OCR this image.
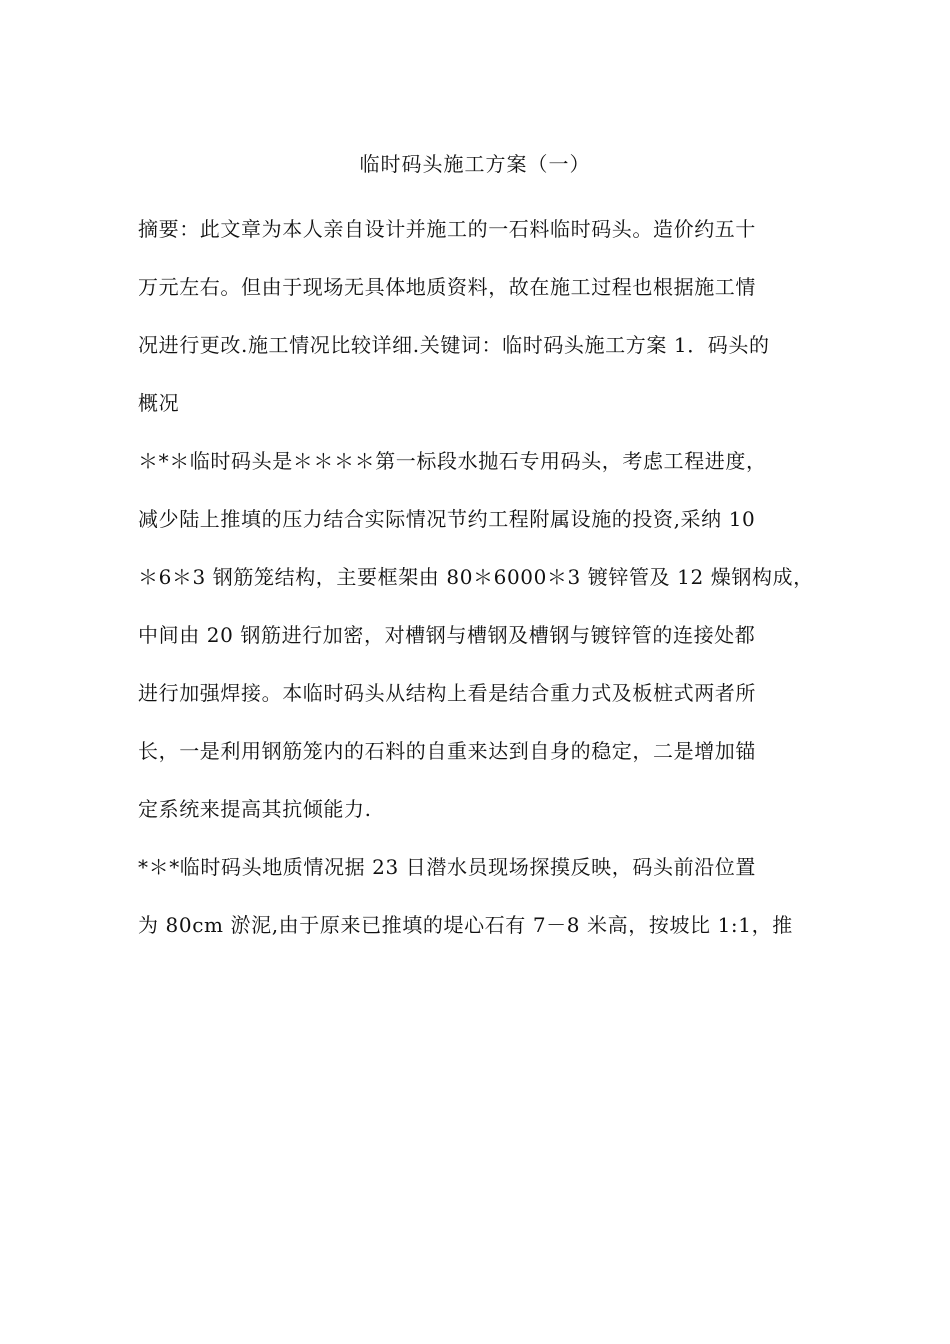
临时码头施工方案（一）
摘要：此文章为本人亲自设计并施工的一石料临时码头。造价约五十
万元左右。但由于现场无具体地质资料，故在施工过程也根据施工情
况进行更改.施工情况比较详细.关键词：临时码头施工方案 1．码头的
概况
＊*＊临时码头是＊＊＊＊第一标段水抛石专用码头，考虑工程进度，
减少陆上推填的压力结合实际情况节约工程附属设施的投资,采纳 10
＊6＊3 钢筋笼结构，主要框架由 80＊6000＊3 镀锌管及 12 燥钢构成，
中间由 20 钢筋进行加密，对槽钢与槽钢及槽钢与镀锌管的连接处都
进行加强焊接。本临时码头从结构上看是结合重力式及板桩式两者所
长，一是利用钢筋笼内的石料的自重来达到自身的稳定，二是增加锚
定系统来提高其抗倾能力.
*＊*临时码头地质情况据 23 日潜水员现场探摸反映，码头前沿位置
为 80cm 淤泥,由于原来已推填的堤心石有 7－8 米高，按坡比 1:1，推
